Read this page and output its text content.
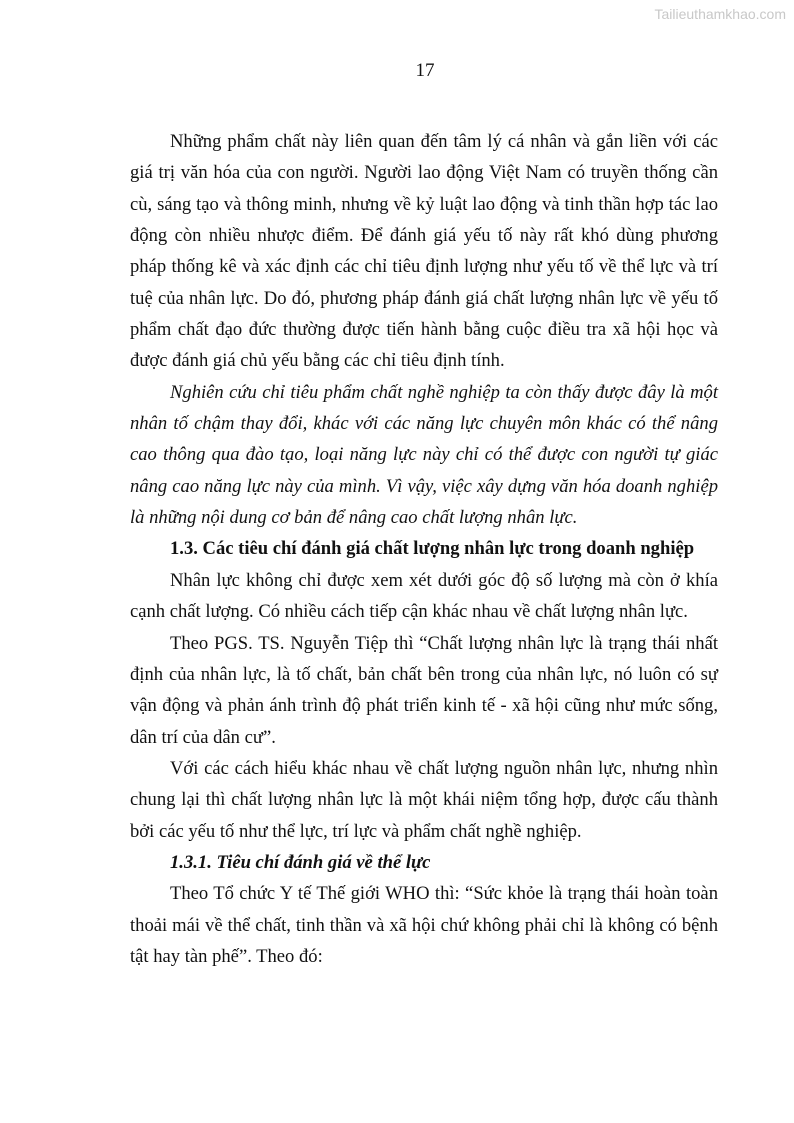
Tailieuthamkhao.com
17
Những phẩm chất này liên quan đến tâm lý cá nhân và gắn liền với các
giá trị văn hóa của con người. Người lao động Việt Nam có truyền thống cần
cù, sáng tạo và thông minh, nhưng về kỷ luật lao động và tinh thần hợp tác lao
động còn nhiều nhược điểm. Để đánh giá yếu tố này rất khó dùng phương
pháp thống kê và xác định các chỉ tiêu định lượng như yếu tố về thể lực và trí
tuệ của nhân lực. Do đó, phương pháp đánh giá chất lượng nhân lực về yếu tố
phẩm chất đạo đức thường được tiến hành bằng cuộc điều tra xã hội học và
được đánh giá chủ yếu bằng các chỉ tiêu định tính.
Nghiên cứu chỉ tiêu phẩm chất nghề nghiệp ta còn thấy được đây là một
nhân tố chậm thay đổi, khác với các năng lực chuyên môn khác có thể nâng
cao thông qua đào tạo, loại năng lực này chỉ có thể được con người tự giác
nâng cao năng lực này của mình. Vì vậy, việc xây dựng văn hóa doanh nghiệp
là những nội dung cơ bản để nâng cao chất lượng nhân lực.
1.3. Các tiêu chí đánh giá chất lượng nhân lực trong doanh nghiệp
Nhân lực không chỉ được xem xét dưới góc độ số lượng mà còn ở khía
cạnh chất lượng. Có nhiều cách tiếp cận khác nhau về chất lượng nhân lực.
Theo PGS. TS. Nguyễn Tiệp thì “Chất lượng nhân lực là trạng thái nhất
định của nhân lực, là tố chất, bản chất bên trong của nhân lực, nó luôn có sự
vận động và phản ánh trình độ phát triển kinh tế - xã hội cũng như mức sống,
dân trí của dân cư”.
Với các cách hiểu khác nhau về chất lượng nguồn nhân lực, nhưng nhìn
chung lại thì chất lượng nhân lực là một khái niệm tổng hợp, được cấu thành
bởi các yếu tố như thể lực, trí lực và phẩm chất nghề nghiệp.
1.3.1. Tiêu chí đánh giá về thể lực
Theo Tổ chức Y tế Thế giới WHO thì: “Sức khỏe là trạng thái hoàn toàn
thoải mái về thể chất, tinh thần và xã hội chứ không phải chỉ là không có bệnh
tật hay tàn phế”. Theo đó:
